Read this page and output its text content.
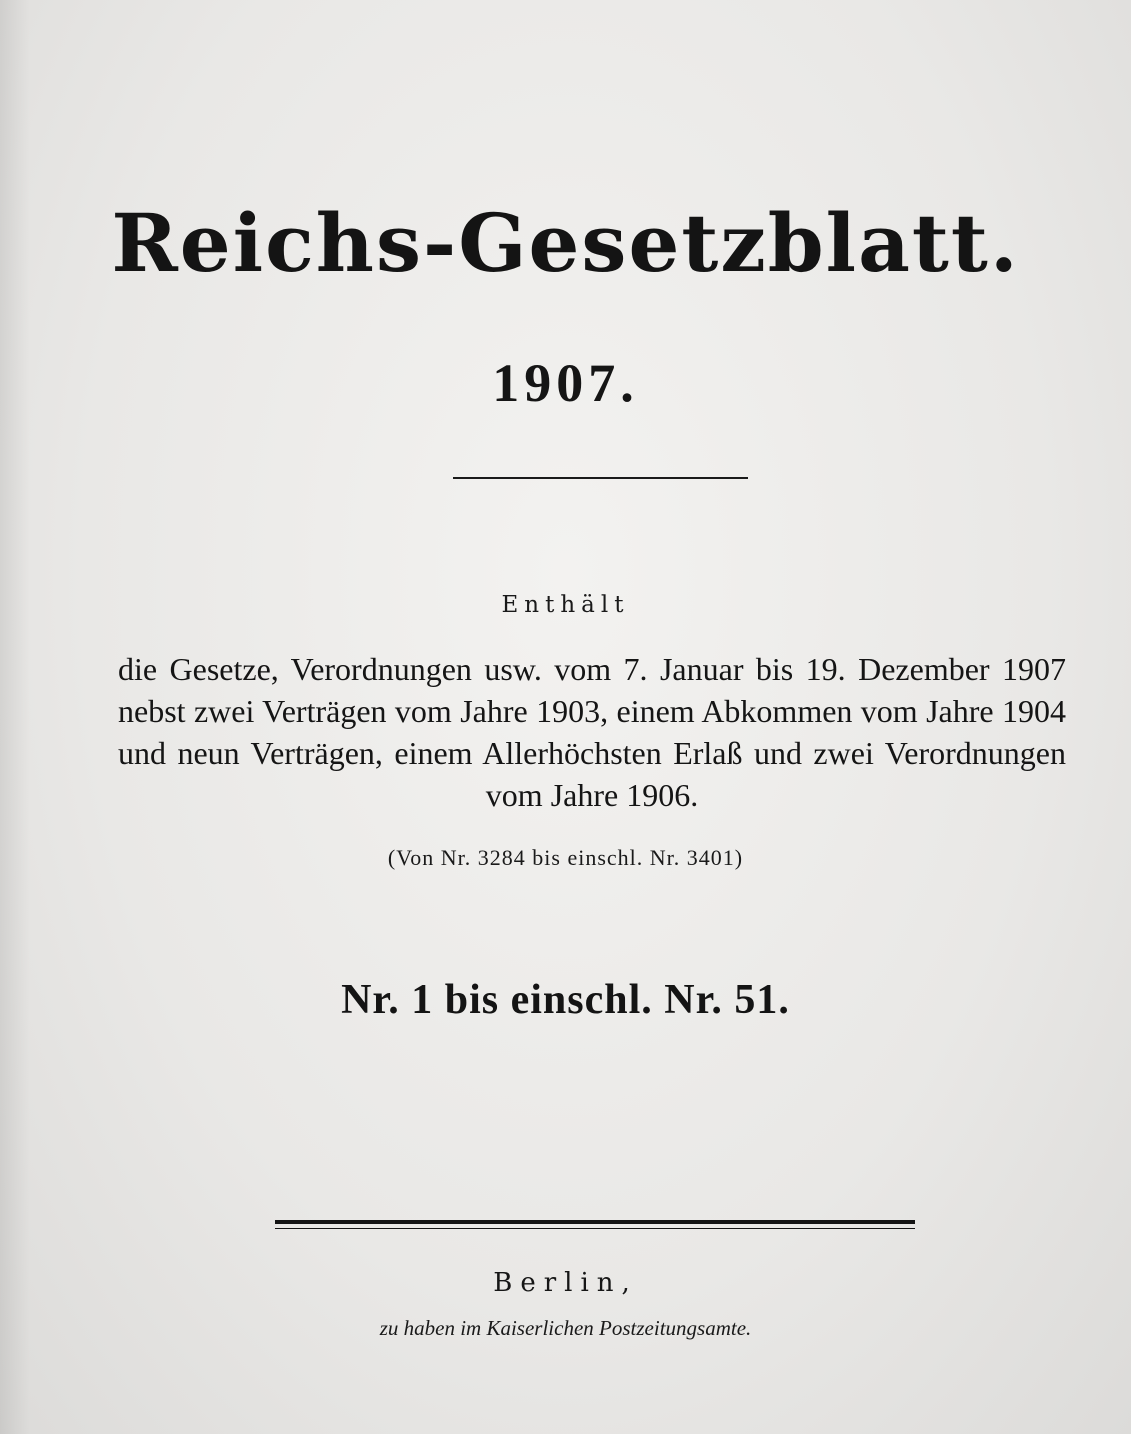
Reichs-Gesetzblatt.
1907.
Enthält
die Gesetze, Verordnungen usw. vom 7. Januar bis 19. Dezember 1907
nebst zwei Verträgen vom Jahre 1903, einem Abkommen vom Jahre 1904
und neun Verträgen, einem Allerhöchsten Erlaß und zwei Verordnungen
vom Jahre 1906.
(Von Nr. 3284 bis einschl. Nr. 3401)
Nr. 1 bis einschl. Nr. 51.
Berlin,
zu haben im Kaiserlichen Postzeitungsamte.
